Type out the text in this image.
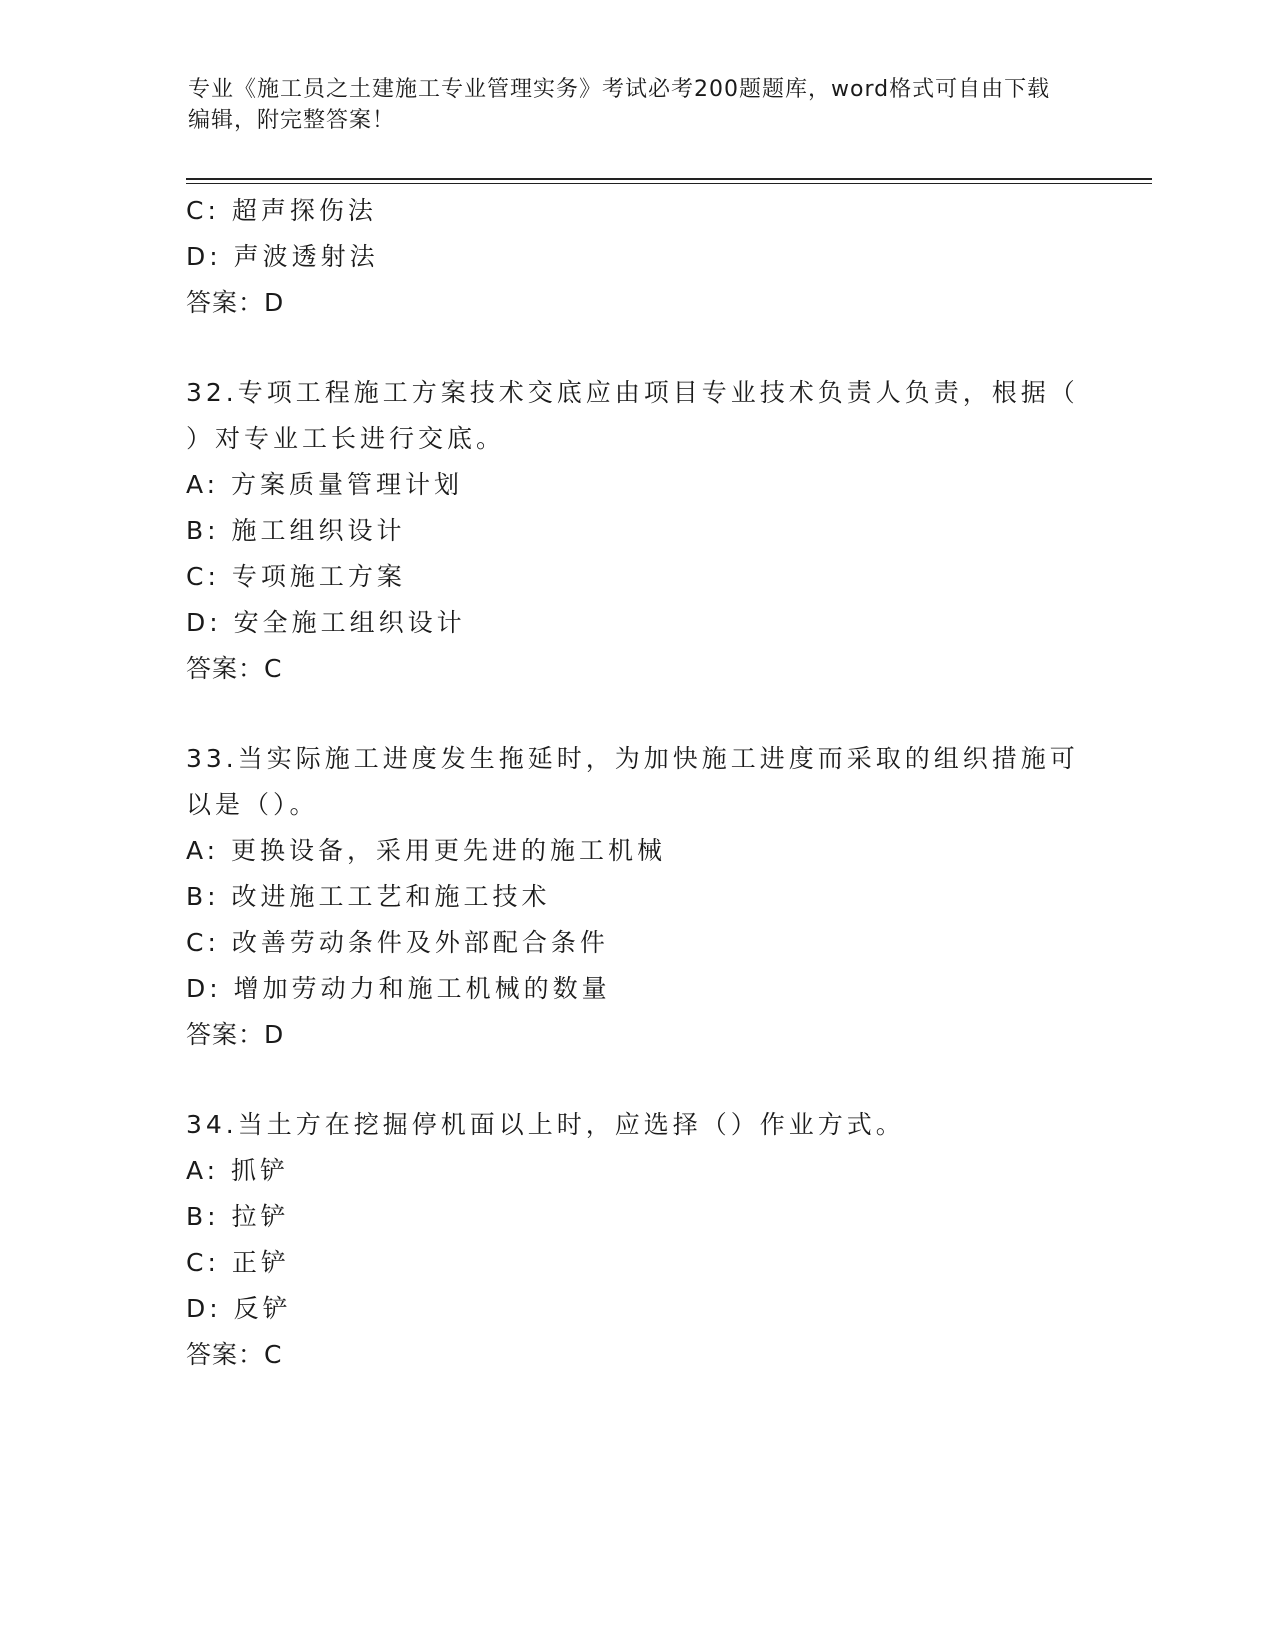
专业《施工员之土建施工专业管理实务》考试必考200题题库，word格式可自由下载编辑，附完整答案！
C: 超声探伤法
D: 声波透射法
答案：D
32.专项工程施工方案技术交底应由项目专业技术负责人负责，根据（
）对专业工长进行交底。
A: 方案质量管理计划
B: 施工组织设计
C: 专项施工方案
D: 安全施工组织设计
答案：C
33.当实际施工进度发生拖延时，为加快施工进度而采取的组织措施可
以是（）。
A: 更换设备，采用更先进的施工机械
B: 改进施工工艺和施工技术
C: 改善劳动条件及外部配合条件
D: 增加劳动力和施工机械的数量
答案：D
34.当土方在挖掘停机面以上时，应选择（）作业方式。
A: 抓铲
B: 拉铲
C: 正铲
D: 反铲
答案：C
